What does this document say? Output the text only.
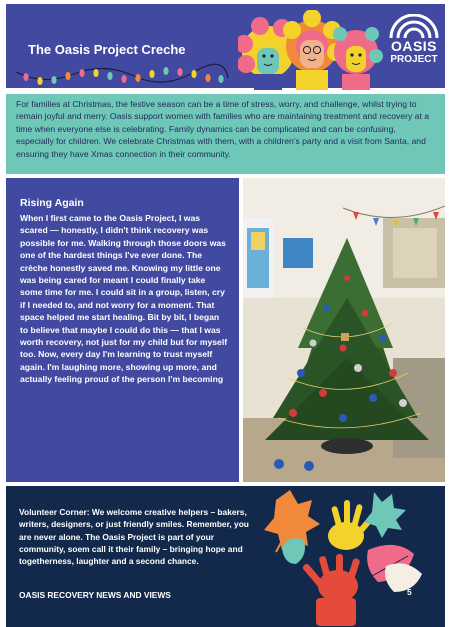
The Oasis Project Creche	OASIS
PROJECT
For families at Christmas, the festive season can be a time of stress, worry, and challenge, whilst trying to remain joyful and merry. Oasis support women with families who are maintaining treatment and recovery at a time when everyone else is celebrating. Family dynamics can be complicated and can be confusing, especially for children. We celebrate Christmas with them, with a children's party and a visit from Santa, and ensuring they have Xmas connection in their community.
Rising Again
When I first came to the Oasis Project, I was scared — honestly, I didn't think recovery was possible for me. Walking through those doors was one of the hardest things I've ever done. The crèche honestly saved me. Knowing my little one was being cared for meant I could finally take some time for me. I could sit in a group, listen, cry if I needed to, and not worry for a moment. That space helped me start healing. Bit by bit, I began to believe that maybe I could do this — that I was worth recovery, not just for my child but for myself too. Now, every day I'm learning to trust myself again. I'm laughing more, showing up more, and actually feeling proud of the person I'm becoming
Volunteer Corner: We welcome creative helpers – bakers, writers, designers, or just friendly smiles. Remember, you are never alone. The Oasis Project is part of your community, soem call it their family – bringing hope and togetherness, laughter and a second chance.
OASIS RECOVERY NEWS AND VIEWS	5
